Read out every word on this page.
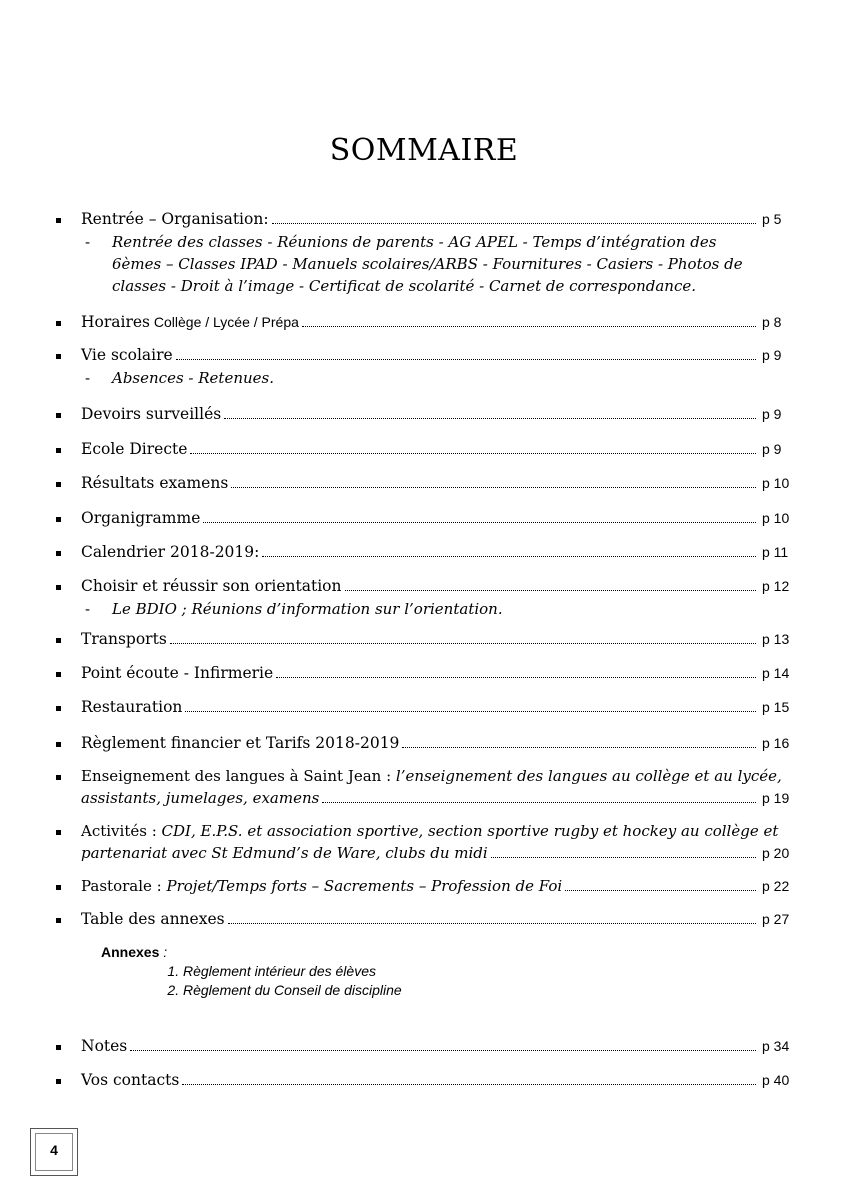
SOMMAIRE
Rentrée – Organisation :	p 5
-	Rentrée des classes - Réunions de parents - AG APEL - Temps d’intégration des 6èmes – Classes IPAD - Manuels scolaires/ARBS - Fournitures - Casiers - Photos de classes - Droit à l’image - Certificat de scolarité - Carnet de correspondance.
Horaires Collège / Lycée / Prépa	p 8
Vie scolaire	p 9
-	Absences - Retenues.
Devoirs surveillés	p 9
Ecole Directe	p 9
Résultats examens	p 10
Organigramme	p 10
Calendrier 2018-2019 :	p 11
Choisir et réussir son orientation	p 12
-	Le BDIO ; Réunions d’information sur l’orientation.
Transports	p 13
Point écoute - Infirmerie	p 14
Restauration	p 15
Règlement financier et Tarifs 2018-2019	p 16
Enseignement des langues à Saint Jean : l’enseignement des langues au collège et au lycée,
assistants, jumelages, examens	p 19
Activités : CDI, E.P.S. et association sportive, section sportive rugby et hockey au collège et
partenariat avec St Edmund’s de Ware, clubs du midi	p 20
Pastorale : Projet/Temps forts – Sacrements – Profession de Foi	p 22
Table des annexes	p 27
Annexes :
1. Règlement intérieur des élèves
2. Règlement du Conseil de discipline
Notes	p 34
Vos contacts	p 40
4
